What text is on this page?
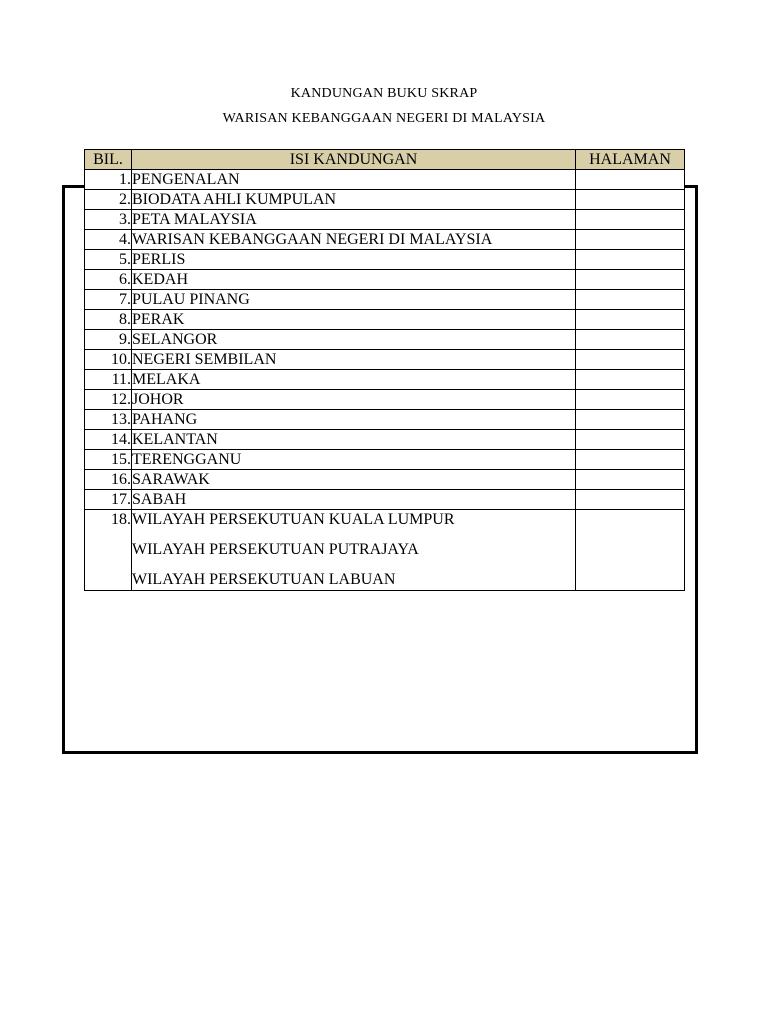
KANDUNGAN BUKU SKRAP
WARISAN KEBANGGAAN NEGERI DI MALAYSIA
BIL.	ISI KANDUNGAN	HALAMAN
1.	PENGENALAN	
2.	BIODATA AHLI KUMPULAN	
3.	PETA MALAYSIA	
4.	WARISAN KEBANGGAAN NEGERI DI MALAYSIA	
5.	PERLIS	
6.	KEDAH	
7.	PULAU PINANG	
8.	PERAK	
9.	SELANGOR	
10.	NEGERI SEMBILAN	
11.	MELAKA	
12.	JOHOR	
13.	PAHANG	
14.	KELANTAN	
15.	TERENGGANU	
16.	SARAWAK	
17.	SABAH	
18.	WILAYAH PERSEKUTUAN KUALA LUMPUR
WILAYAH PERSEKUTUAN PUTRAJAYA
WILAYAH PERSEKUTUAN LABUAN	
